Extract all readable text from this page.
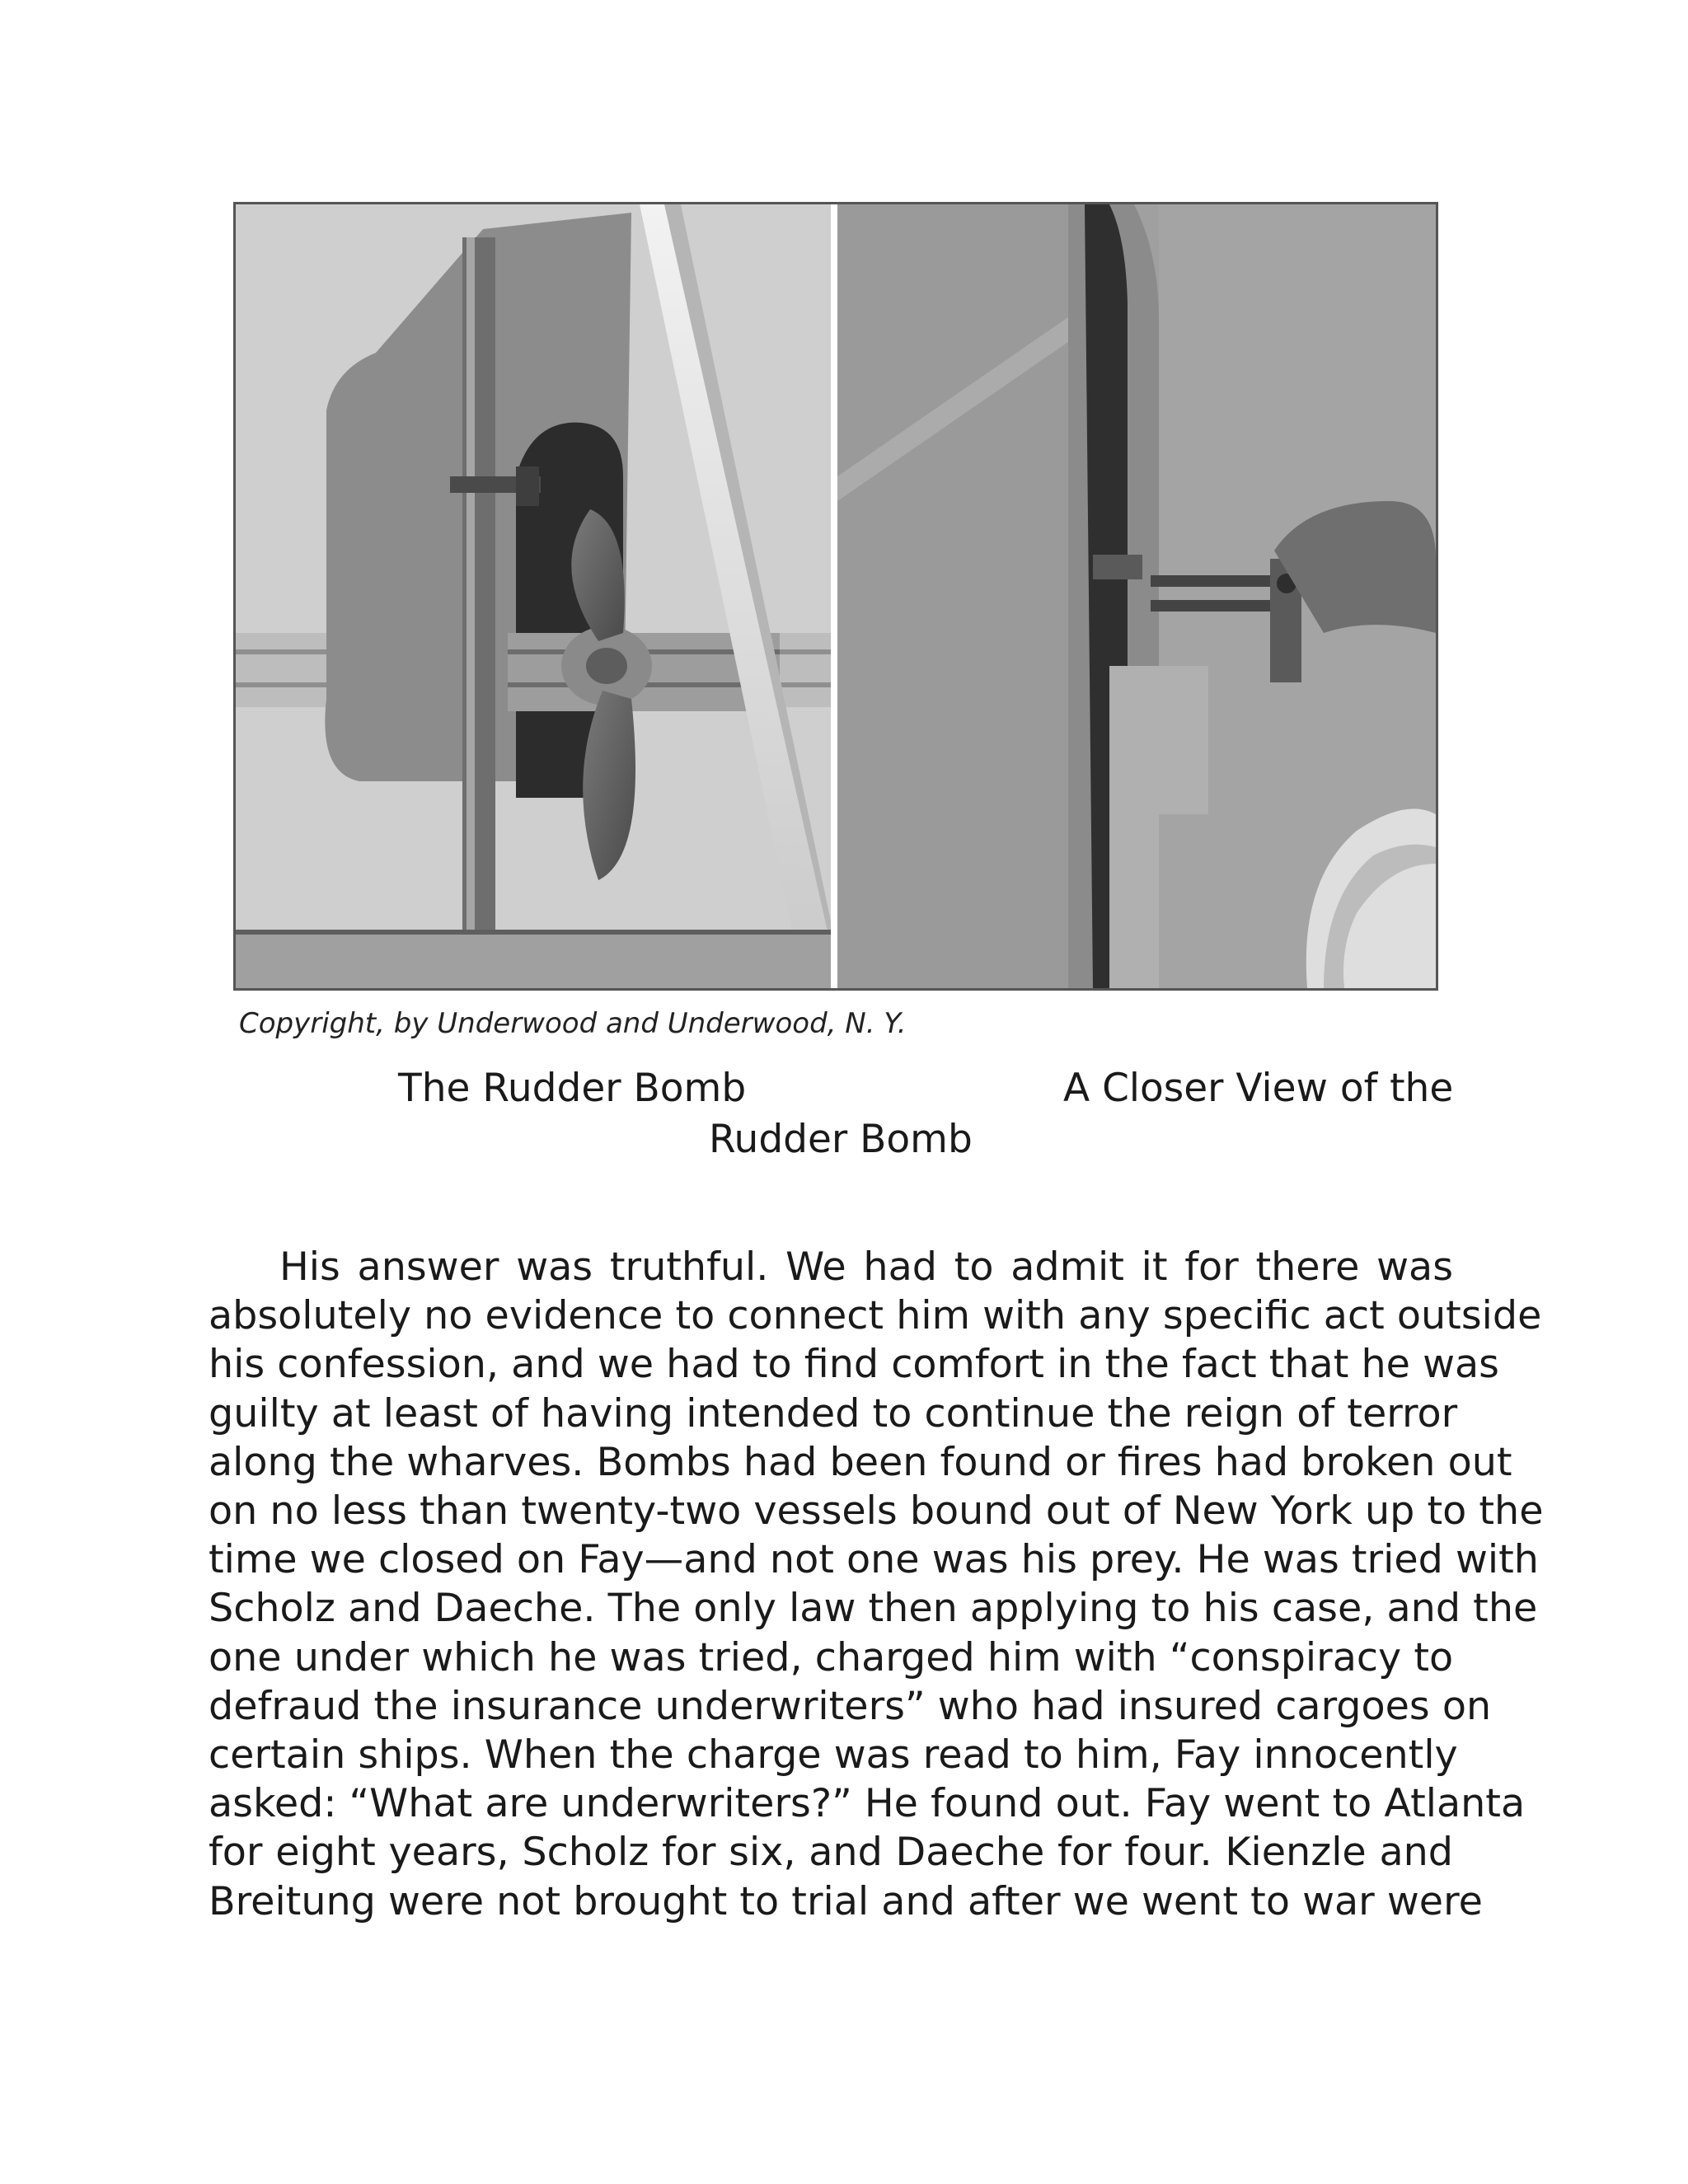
Copyright, by Underwood and Underwood, N. Y.
The Rudder Bomb	A Closer View of the
Rudder Bomb
His answer was truthful. We had to admit it for there was
absolutely no evidence to connect him with any specific act outside
his confession, and we had to find comfort in the fact that he was
guilty at least of having intended to continue the reign of terror
along the wharves. Bombs had been found or fires had broken out
on no less than twenty-two vessels bound out of New York up to the
time we closed on Fay—and not one was his prey. He was tried with
Scholz and Daeche. The only law then applying to his case, and the
one under which he was tried, charged him with “conspiracy to
defraud the insurance underwriters” who had insured cargoes on
certain ships. When the charge was read to him, Fay innocently
asked: “What are underwriters?” He found out. Fay went to Atlanta
for eight years, Scholz for six, and Daeche for four. Kienzle and
Breitung were not brought to trial and after we went to war were
